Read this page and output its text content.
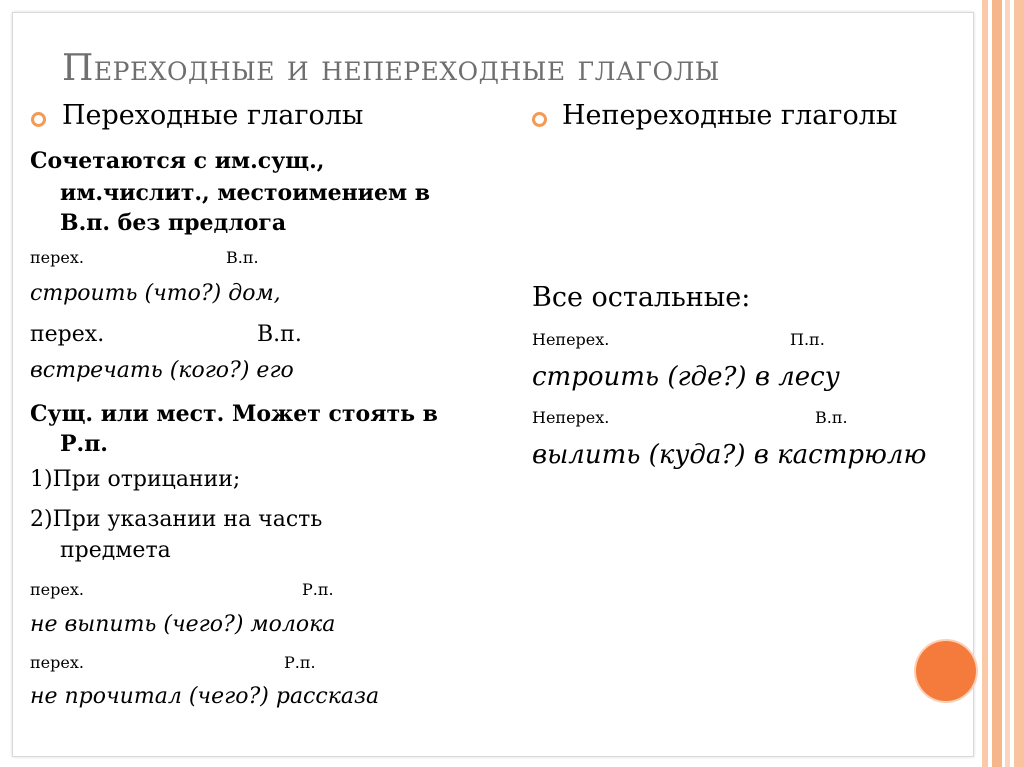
Переходные и непереходные глаголы
Переходные глаголы
Сочетаются с им.сущ.,
им.числит., местоимением в
В.п. без предлога
перех.	В.п.
строить (что?) дом,
перех.	В.п.
встречать (кого?) его
Сущ. или мест. Может стоять в
Р.п.
1)При отрицании;
2)При указании на часть
предмета
перех.	Р.п.
не выпить (чего?) молока
перех.	Р.п.
не прочитал (чего?) рассказа
Непереходные глаголы
Все остальные:
Неперех.	П.п.
строить (где?) в лесу
Неперех.	В.п.
вылить (куда?) в кастрюлю
